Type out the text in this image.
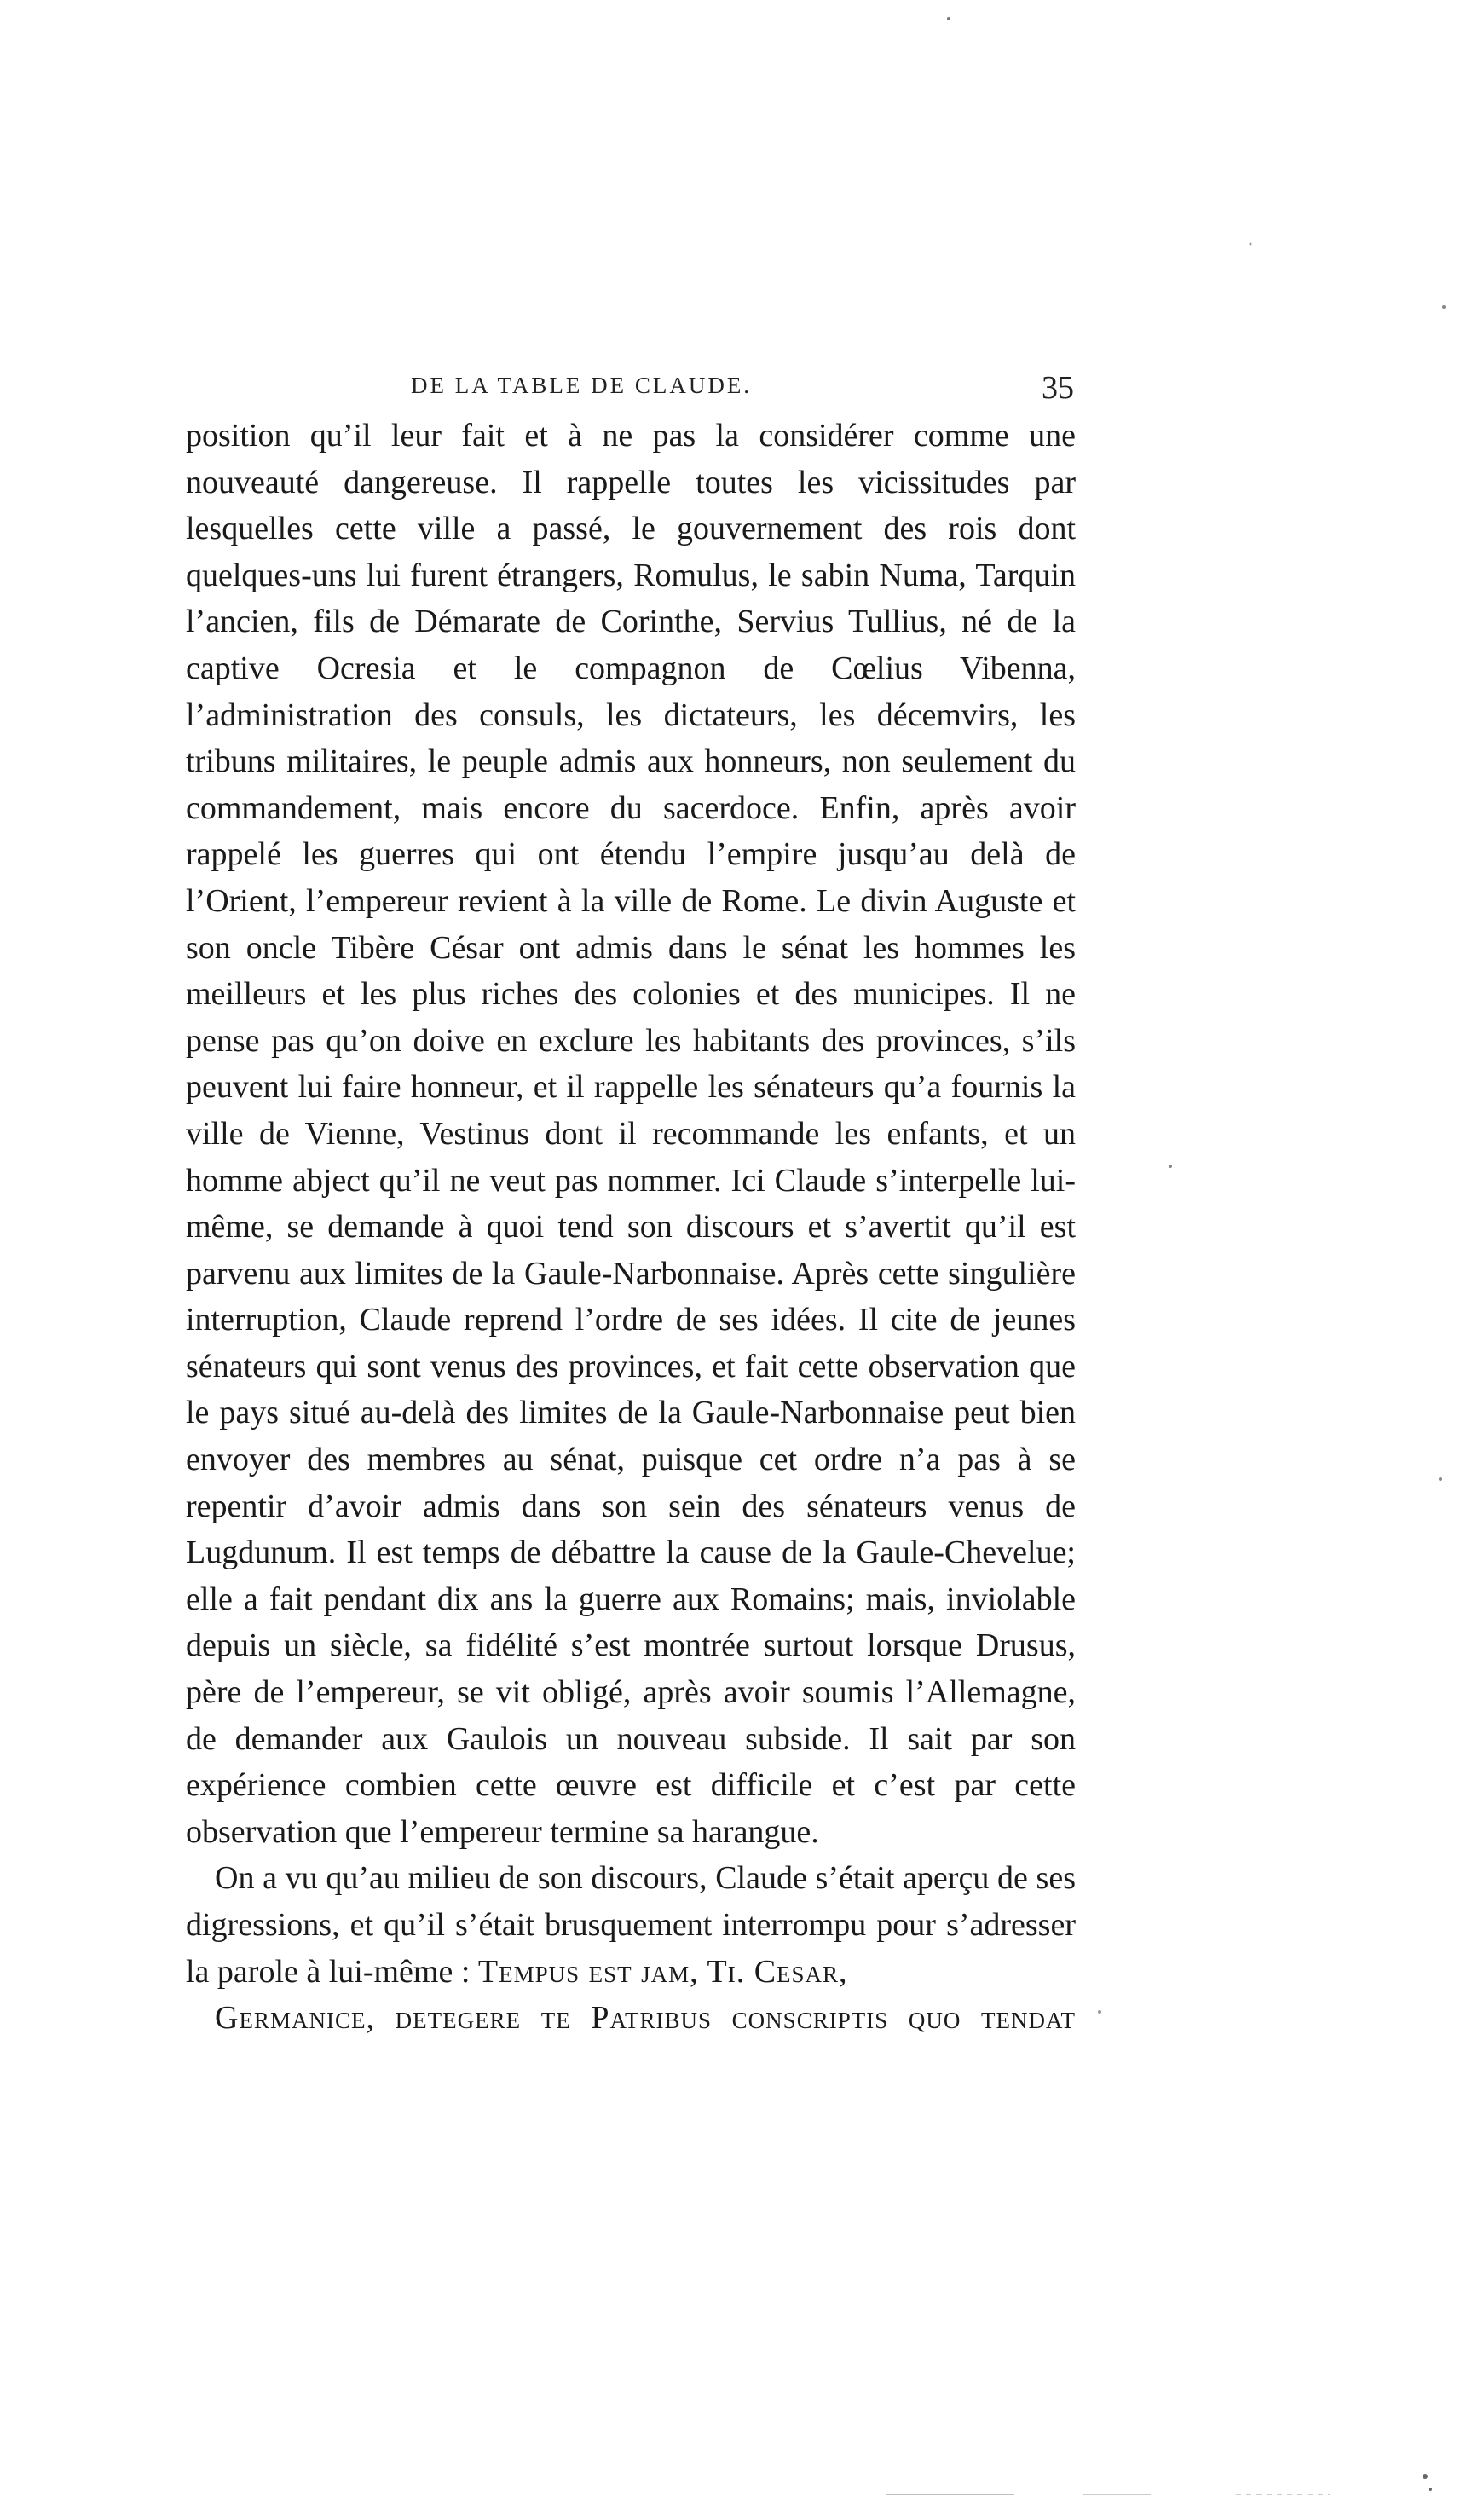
DE LA TABLE DE CLAUDE.	35

position qu’il leur fait et à ne pas la considérer comme une nouveauté dangereuse. Il rappelle toutes les vicissitudes par lesquelles cette ville a passé, le gouvernement des rois dont quelques-uns lui furent étrangers, Romulus, le sabin Numa, Tarquin l’ancien, fils de Démarate de Corinthe, Servius Tullius, né de la captive Ocresia et le compagnon de Cœlius Vibenna, l’administration des consuls, les dictateurs, les décemvirs, les tribuns militaires, le peuple admis aux honneurs, non seulement du commandement, mais encore du sacerdoce. Enfin, après avoir rappelé les guerres qui ont étendu l’empire jusqu’au delà de l’Orient, l’empereur revient à la ville de Rome. Le divin Auguste et son oncle Tibère César ont admis dans le sénat les hommes les meilleurs et les plus riches des colonies et des municipes. Il ne pense pas qu’on doive en exclure les habitants des provinces, s’ils peuvent lui faire honneur, et il rappelle les sénateurs qu’a fournis la ville de Vienne, Vestinus dont il recommande les enfants, et un homme abject qu’il ne veut pas nommer. Ici Claude s’interpelle lui-même, se demande à quoi tend son discours et s’avertit qu’il est parvenu aux limites de la Gaule-Narbonnaise. Après cette singulière interruption, Claude reprend l’ordre de ses idées. Il cite de jeunes sénateurs qui sont venus des provinces, et fait cette observation que le pays situé au-delà des limites de la Gaule-Narbonnaise peut bien envoyer des membres au sénat, puisque cet ordre n’a pas à se repentir d’avoir admis dans son sein des sénateurs venus de Lugdunum. Il est temps de débattre la cause de la Gaule-Chevelue; elle a fait pendant dix ans la guerre aux Romains; mais, inviolable depuis un siècle, sa fidélité s’est montrée surtout lorsque Drusus, père de l’empereur, se vit obligé, après avoir soumis l’Allemagne, de demander aux Gaulois un nouveau subside. Il sait par son expérience combien cette œuvre est difficile et c’est par cette observation que l’empereur termine sa harangue.

On a vu qu’au milieu de son discours, Claude s’était aperçu de ses digressions, et qu’il s’était brusquement interrompu pour s’adresser la parole à lui-même : Tempus est jam, Ti. Cesar,
Germanice, detegere te Patribus conscriptis quo tendat
